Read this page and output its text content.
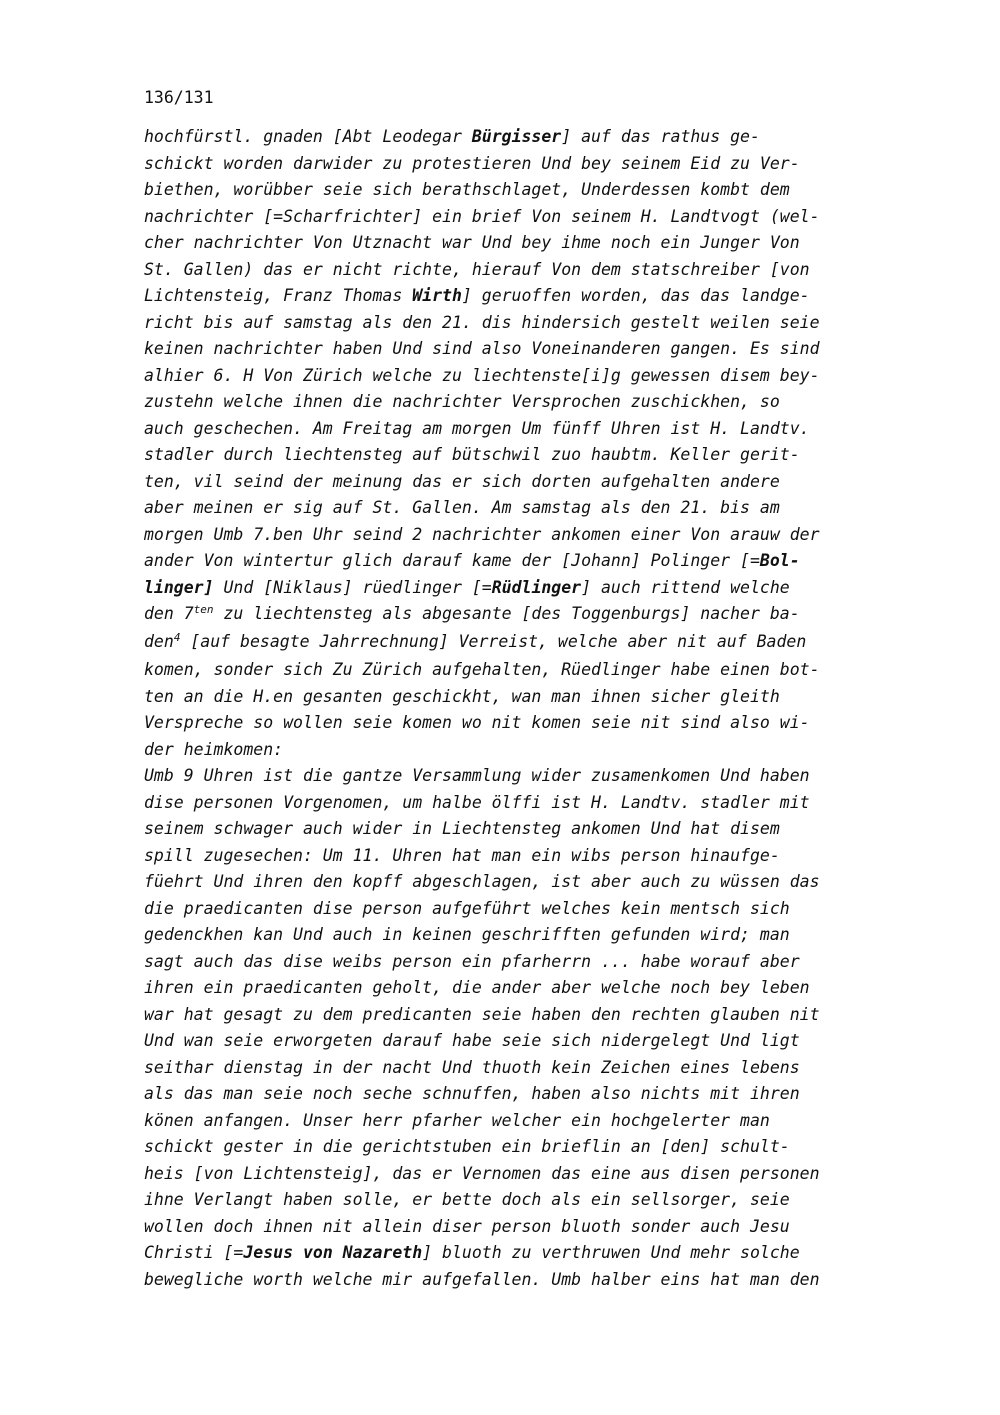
136/131

hochfürstl. gnaden [Abt Leodegar Bürgisser] auf das rathus ge-
schickt worden darwider zu protestieren Und bey seinem Eid zu Ver-
biethen, worübber seie sich berathschlaget, Underdessen kombt dem
nachrichter [=Scharfrichter] ein brief Von seinem H. Landtvogt (wel-
cher nachrichter Von Utznacht war Und bey ihme noch ein Junger Von
St. Gallen) das er nicht richte, hierauf Von dem statschreiber [von
Lichtensteig, Franz Thomas Wirth] geruoffen worden, das das landge-
richt bis auf samstag als den 21. dis hindersich gestelt weilen seie
keinen nachrichter haben Und sind also Voneinanderen gangen. Es sind
alhier 6. H Von Zürich welche zu liechtenste[i]g gewessen disem bey-
zustehn welche ihnen die nachrichter Versprochen zuschickhen, so
auch geschechen. Am Freitag am morgen Um fünff Uhren ist H. Landtv.
stadler durch liechtensteg auf bütschwil zuo haubtm. Keller gerit-
ten, vil seind der meinung das er sich dorten aufgehalten andere
aber meinen er sig auf St. Gallen. Am samstag als den 21. bis am
morgen Umb 7.ben Uhr seind 2 nachrichter ankomen einer Von arauw der
ander Von wintertur glich darauf kame der [Johann] Polinger [=Bol-
linger] Und [Niklaus] rüedlinger [=Rüdlinger] auch rittend welche
den $7^{ten}$ zu liechtensteg als abgesante [des Toggenburgs] nacher ba-
den$^4$ [auf besagte Jahrrechnung] Verreist, welche aber nit auf Baden
komen, sonder sich Zu Zürich aufgehalten, Rüedlinger habe einen bot-
ten an die H.en gesanten geschickht, wan man ihnen sicher gleith
Verspreche so wollen seie komen wo nit komen seie nit sind also wi-
der heimkomen:
Umb 9 Uhren ist die gantze Versammlung wider zusamenkomen Und haben
dise personen Vorgenomen, um halbe ölffi ist H. Landtv. stadler mit
seinem schwager auch wider in Liechtensteg ankomen Und hat disem
spill zugesechen: Um 11. Uhren hat man ein wibs person hinaufge-
füehrt Und ihren den kopff abgeschlagen, ist aber auch zu wüssen das
die praedicanten dise person aufgeführt welches kein mentsch sich
gedenckhen kan Und auch in keinen geschrifften gefunden wird; man
sagt auch das dise weibs person ein pfarherrn ... habe worauf aber
ihren ein praedicanten geholt, die ander aber welche noch bey leben
war hat gesagt zu dem predicanten seie haben den rechten glauben nit
Und wan seie erworgeten darauf habe seie sich nidergelegt Und ligt
seithar dienstag in der nacht Und thuoth kein Zeichen eines lebens
als das man seie noch seche schnuffen, haben also nichts mit ihren
könen anfangen. Unser herr pfarher welcher ein hochgelerter man
schickt gester in die gerichtstuben ein brieflin an [den] schult-
heis [von Lichtensteig], das er Vernomen das eine aus disen personen
ihne Verlangt haben solle, er bette doch als ein sellsorger, seie
wollen doch ihnen nit allein diser person bluoth sonder auch Jesu
Christi [=Jesus von Nazareth] bluoth zu verthruwen Und mehr solche
bewegliche worth welche mir aufgefallen. Umb halber eins hat man den
